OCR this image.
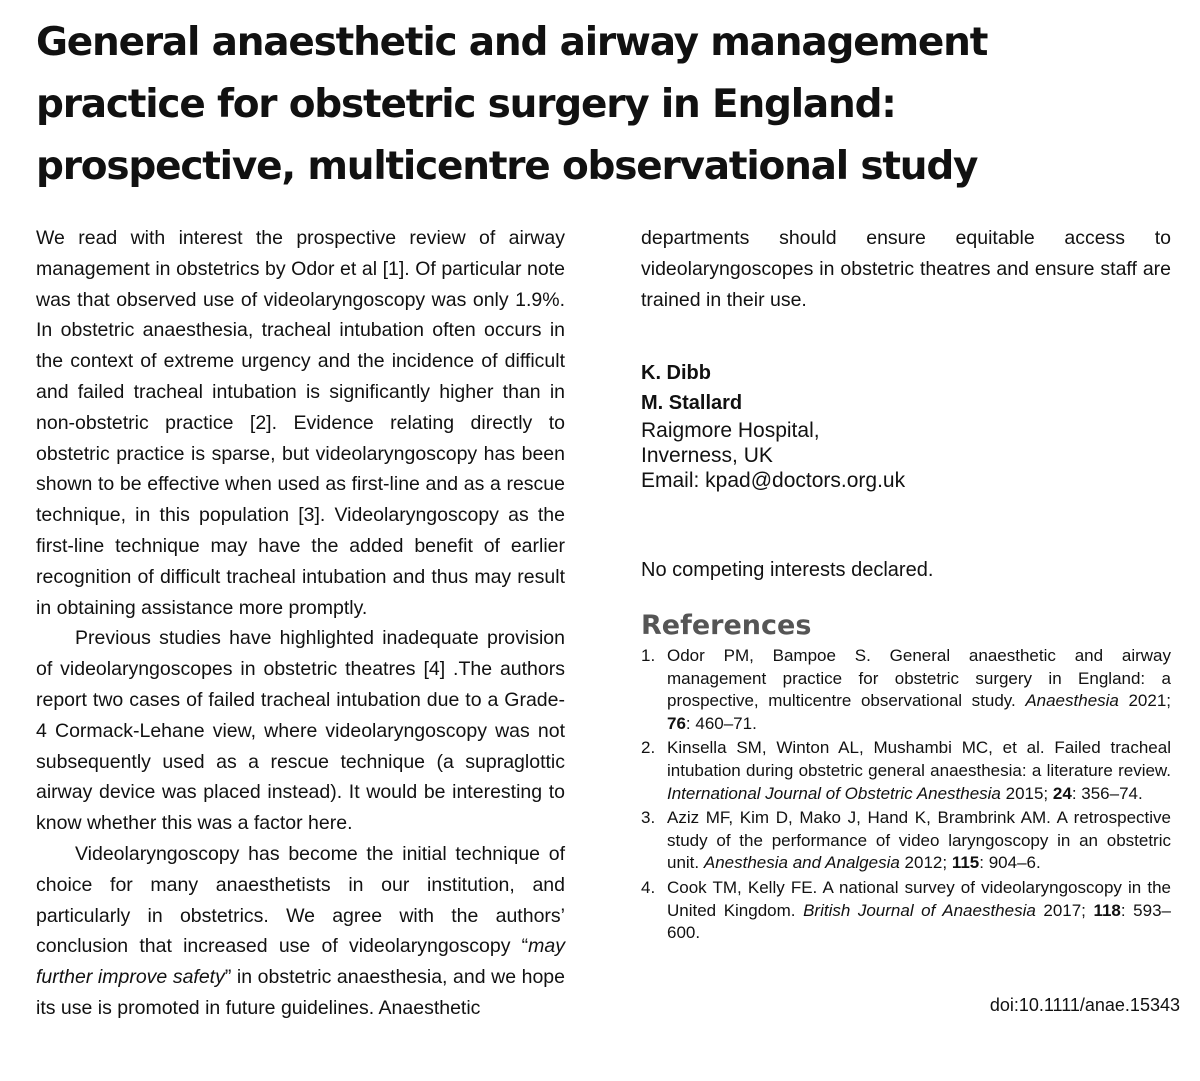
General anaesthetic and airway management practice for obstetric surgery in England: prospective, multicentre observational study

We read with interest the prospective review of airway management in obstetrics by Odor et al [1]. Of particular note was that observed use of videolaryngoscopy was only 1.9%. In obstetric anaesthesia, tracheal intubation often occurs in the context of extreme urgency and the incidence of difficult and failed tracheal intubation is significantly higher than in non-obstetric practice [2]. Evidence relating directly to obstetric practice is sparse, but videolaryngoscopy has been shown to be effective when used as first-line and as a rescue technique, in this population [3]. Videolaryngoscopy as the first-line technique may have the added benefit of earlier recognition of difficult tracheal intubation and thus may result in obtaining assistance more promptly.

Previous studies have highlighted inadequate provision of videolaryngoscopes in obstetric theatres [4] .The authors report two cases of failed tracheal intubation due to a Grade-4 Cormack-Lehane view, where videolaryngoscopy was not subsequently used as a rescue technique (a supraglottic airway device was placed instead). It would be interesting to know whether this was a factor here.

Videolaryngoscopy has become the initial technique of choice for many anaesthetists in our institution, and particularly in obstetrics. We agree with the authors’ conclusion that increased use of videolaryngoscopy “may further improve safety” in obstetric anaesthesia, and we hope its use is promoted in future guidelines. Anaesthetic

departments should ensure equitable access to videolaryngoscopes in obstetric theatres and ensure staff are trained in their use.

K. Dibb
M. Stallard
Raigmore Hospital,
Inverness, UK
Email: kpad@doctors.org.uk
No competing interests declared.
References
1. Odor PM, Bampoe S. General anaesthetic and airway management practice for obstetric surgery in England: a prospective, multicentre observational study. Anaesthesia 2021; 76: 460–71.
2. Kinsella SM, Winton AL, Mushambi MC, et al. Failed tracheal intubation during obstetric general anaesthesia: a literature review. International Journal of Obstetric Anesthesia 2015; 24: 356–74.
3. Aziz MF, Kim D, Mako J, Hand K, Brambrink AM. A retrospective study of the performance of video laryngoscopy in an obstetric unit. Anesthesia and Analgesia 2012; 115: 904–6.
4. Cook TM, Kelly FE. A national survey of videolaryngoscopy in the United Kingdom. British Journal of Anaesthesia 2017; 118: 593–600.
doi:10.1111/anae.15343
